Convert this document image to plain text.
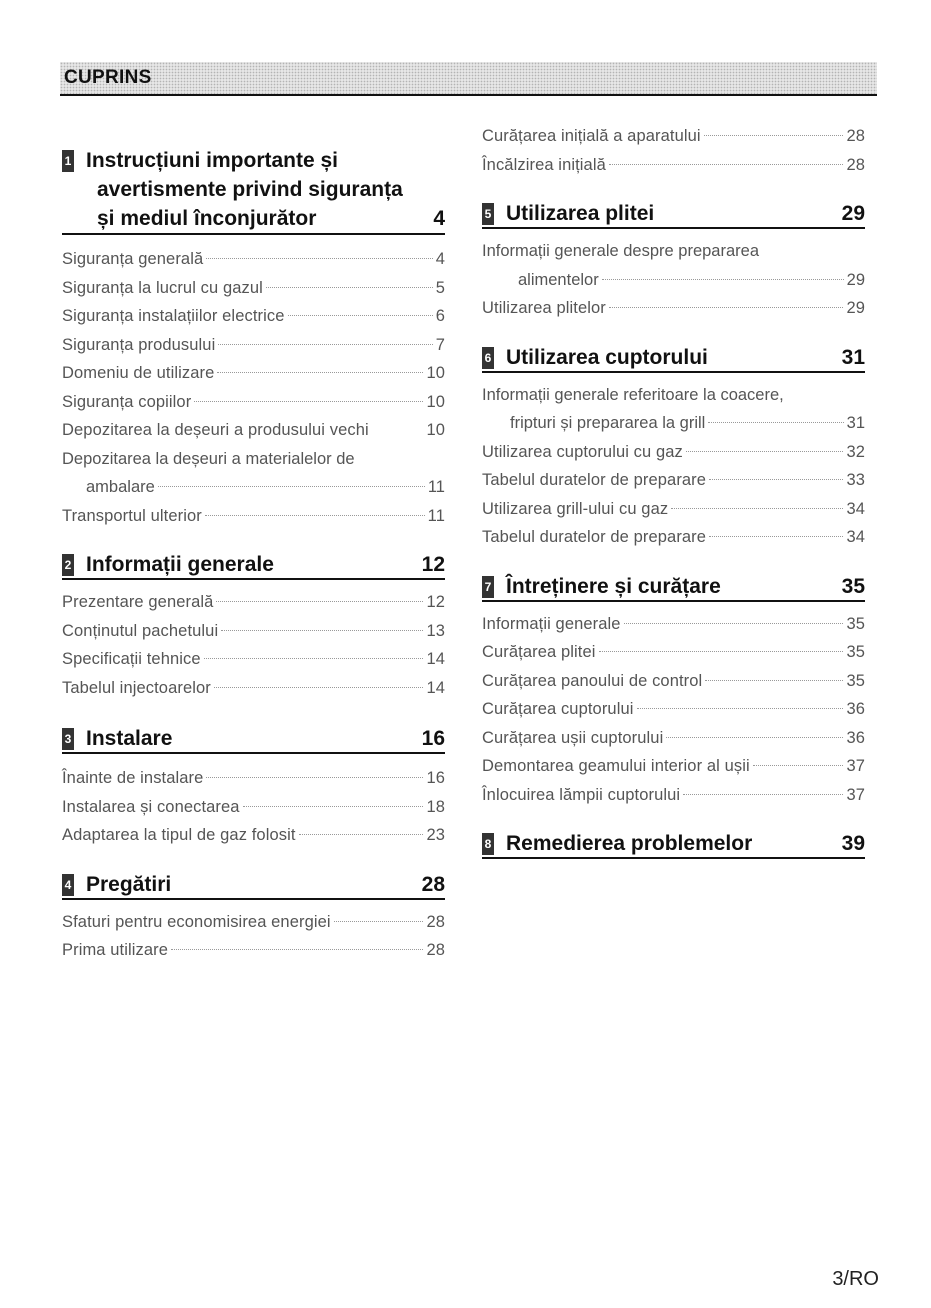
CUPRINS
1 Instrucțiuni importante și
avertismente privind siguranța
și mediul înconjurător	4
Siguranța generală	4
Siguranța la lucrul cu gazul	5
Siguranța instalațiilor electrice	6
Siguranța produsului	7
Domeniu de utilizare	10
Siguranța copiilor	10
Depozitarea la deșeuri a produsului vechi	10
Depozitarea la deșeuri a materialelor de
ambalare	11
Transportul ulterior	11
2 Informații generale	12
Prezentare generală	12
Conținutul pachetului	13
Specificații tehnice	14
Tabelul injectoarelor	14
3 Instalare	16
Înainte de instalare	16
Instalarea și conectarea	18
Adaptarea la tipul de gaz folosit	23
4 Pregătiri	28
Sfaturi pentru economisirea energiei	28
Prima utilizare	28
Curățarea inițială a aparatului	28
Încălzirea inițială	28
5 Utilizarea plitei	29
Informații generale despre prepararea
alimentelor	29
Utilizarea plitelor	29
6 Utilizarea cuptorului	31
Informații generale referitoare la coacere,
fripturi și prepararea la grill	31
Utilizarea cuptorului cu gaz	32
Tabelul duratelor de preparare	33
Utilizarea grill-ului cu gaz	34
Tabelul duratelor de preparare	34
7 Întreținere și curățare	35
Informații generale	35
Curățarea plitei	35
Curățarea panoului de control	35
Curățarea cuptorului	36
Curățarea ușii cuptorului	36
Demontarea geamului interior al ușii	37
Înlocuirea lămpii cuptorului	37
8 Remedierea problemelor	39
3/RO
